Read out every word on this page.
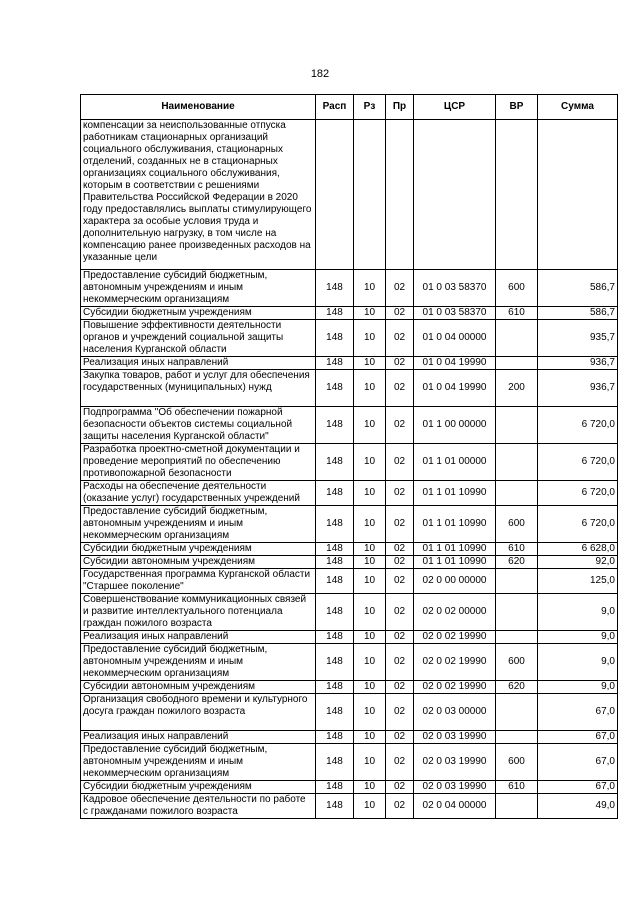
182
Наименование	Расп	Рз	Пр	ЦСР	ВР	Сумма
компенсации за неиспользованные отпуска работникам стационарных организаций социального обслуживания, стационарных отделений, созданных не в стационарных организациях социального обслуживания, которым в соответствии с решениями Правительства Российской Федерации в 2020 году предоставлялись выплаты стимулирующего характера за особые условия труда и дополнительную нагрузку, в том числе на компенсацию ранее произведенных расходов на указанные цели						
Предоставление субсидий бюджетным, автономным учреждениям и иным некоммерческим организациям	148	10	02	01 0 03 58370	600	586,7
Субсидии бюджетным учреждениям	148	10	02	01 0 03 58370	610	586,7
Повышение эффективности деятельности органов и учреждений социальной защиты населения Курганской области	148	10	02	01 0 04 00000		935,7
Реализация иных направлений	148	10	02	01 0 04 19990		936,7
Закупка товаров, работ и услуг для обеспечения государственных (муниципальных) нужд	148	10	02	01 0 04 19990	200	936,7
Подпрограмма "Об обеспечении пожарной безопасности объектов системы социальной защиты населения Курганской области"	148	10	02	01 1 00 00000		6 720,0
Разработка проектно-сметной документации и проведение мероприятий по обеспечению противопожарной безопасности	148	10	02	01 1 01 00000		6 720,0
Расходы на обеспечение деятельности (оказание услуг) государственных учреждений	148	10	02	01 1 01 10990		6 720,0
Предоставление субсидий бюджетным, автономным учреждениям и иным некоммерческим организациям	148	10	02	01 1 01 10990	600	6 720,0
Субсидии бюджетным учреждениям	148	10	02	01 1 01 10990	610	6 628,0
Субсидии автономным учреждениям	148	10	02	01 1 01 10990	620	92,0
Государственная программа Курганской области "Старшее поколение"	148	10	02	02 0 00 00000		125,0
Совершенствование коммуникационных связей и развитие интеллектуального потенциала граждан пожилого возраста	148	10	02	02 0 02 00000		9,0
Реализация иных направлений	148	10	02	02 0 02 19990		9,0
Предоставление субсидий бюджетным, автономным учреждениям и иным некоммерческим организациям	148	10	02	02 0 02 19990	600	9,0
Субсидии автономным учреждениям	148	10	02	02 0 02 19990	620	9,0
Организация свободного времени и культурного досуга граждан пожилого возраста	148	10	02	02 0 03 00000		67,0
Реализация иных направлений	148	10	02	02 0 03 19990		67,0
Предоставление субсидий бюджетным, автономным учреждениям и иным некоммерческим организациям	148	10	02	02 0 03 19990	600	67,0
Субсидии бюджетным учреждениям	148	10	02	02 0 03 19990	610	67,0
Кадровое обеспечение деятельности по работе с гражданами пожилого возраста	148	10	02	02 0 04 00000		49,0
